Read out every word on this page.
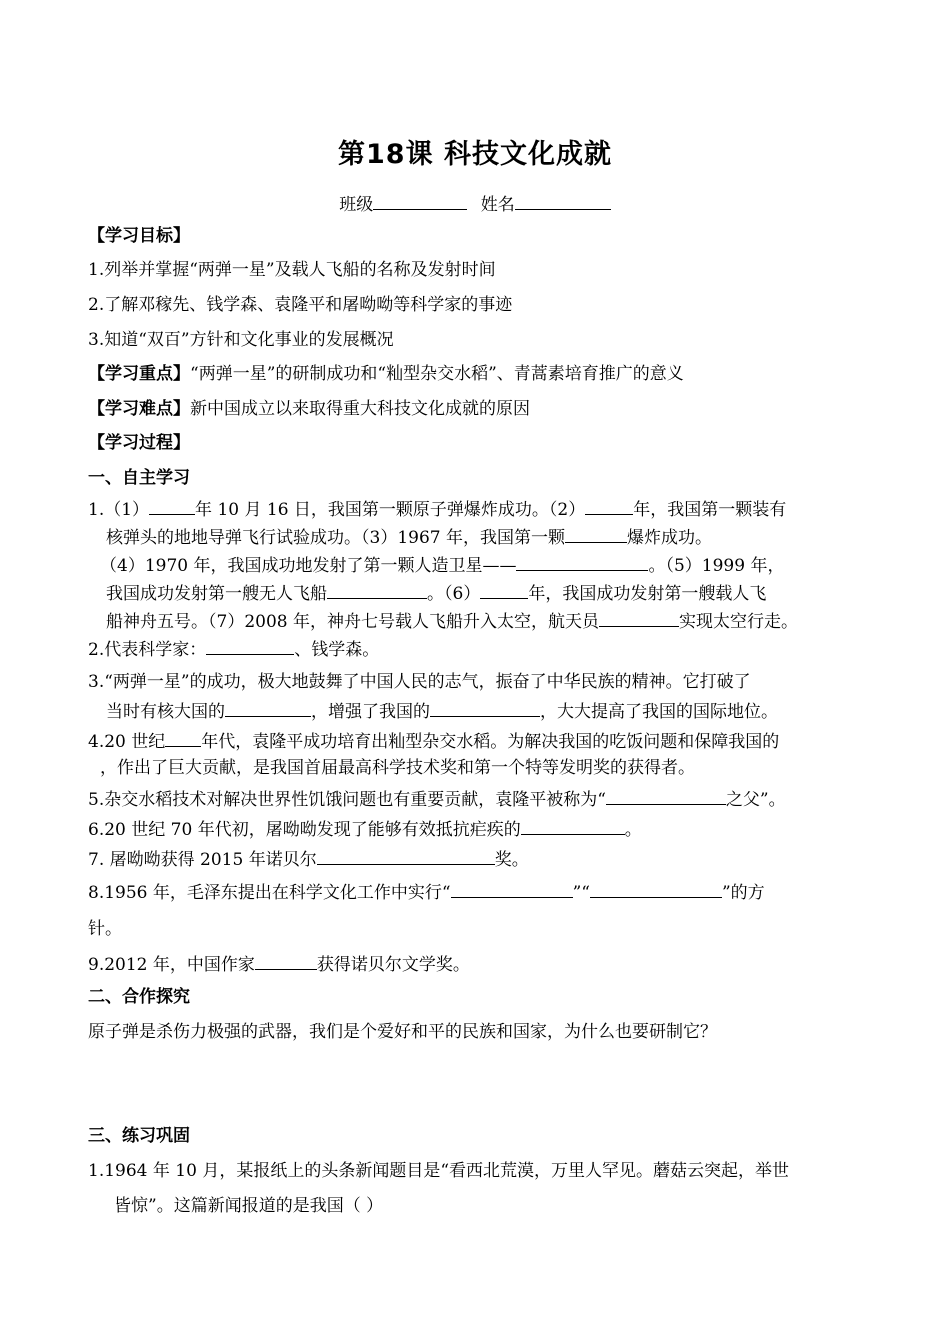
第18课 科技文化成就
班级	姓名
【学习目标】
1.列举并掌握“两弹一星”及载人飞船的名称及发射时间
2.了解邓稼先、钱学森、袁隆平和屠呦呦等科学家的事迹
3.知道“双百”方针和文化事业的发展概况
【学习重点】“两弹一星”的研制成功和“籼型杂交水稻”、青蒿素培育推广的意义
【学习难点】新中国成立以来取得重大科技文化成就的原因
【学习过程】
一、自主学习
1.（1）	年 10 月 16 日，我国第一颗原子弹爆炸成功。（2）	年，我国第一颗装有
核弹头的地地导弹飞行试验成功。（3）1967 年，我国第一颗	爆炸成功。
（4）1970 年，我国成功地发射了第一颗人造卫星——	。（5）1999 年，
我国成功发射第一艘无人飞船	。（6）	年，我国成功发射第一艘载人飞
船神舟五号。（7）2008 年，神舟七号载人飞船升入太空，航天员	实现太空行走。
2.代表科学家：	、钱学森。
3.“两弹一星”的成功，极大地鼓舞了中国人民的志气，振奋了中华民族的精神。它打破了
当时有核大国的	，增强了我国的	，大大提高了我国的国际地位。
4.20 世纪 年代，袁隆平成功培育出籼型杂交水稻。为解决我国的吃饭问题和保障我国的
，作出了巨大贡献，是我国首届最高科学技术奖和第一个特等发明奖的获得者。
5.杂交水稻技术对解决世界性饥饿问题也有重要贡献，袁隆平被称为“	之父”。
6.20 世纪 70 年代初，屠呦呦发现了能够有效抵抗疟疾的	。
7. 屠呦呦获得 2015 年诺贝尔	奖。
8.1956 年，毛泽东提出在科学文化工作中实行“	”“	”的方
针。
9.2012 年，中国作家	获得诺贝尔文学奖。
二、合作探究
原子弹是杀伤力极强的武器，我们是个爱好和平的民族和国家，为什么也要研制它？
三、练习巩固
1.1964 年 10 月，某报纸上的头条新闻题目是“看西北荒漠，万里人罕见。蘑菇云突起，举世
皆惊”。这篇新闻报道的是我国（ ）
